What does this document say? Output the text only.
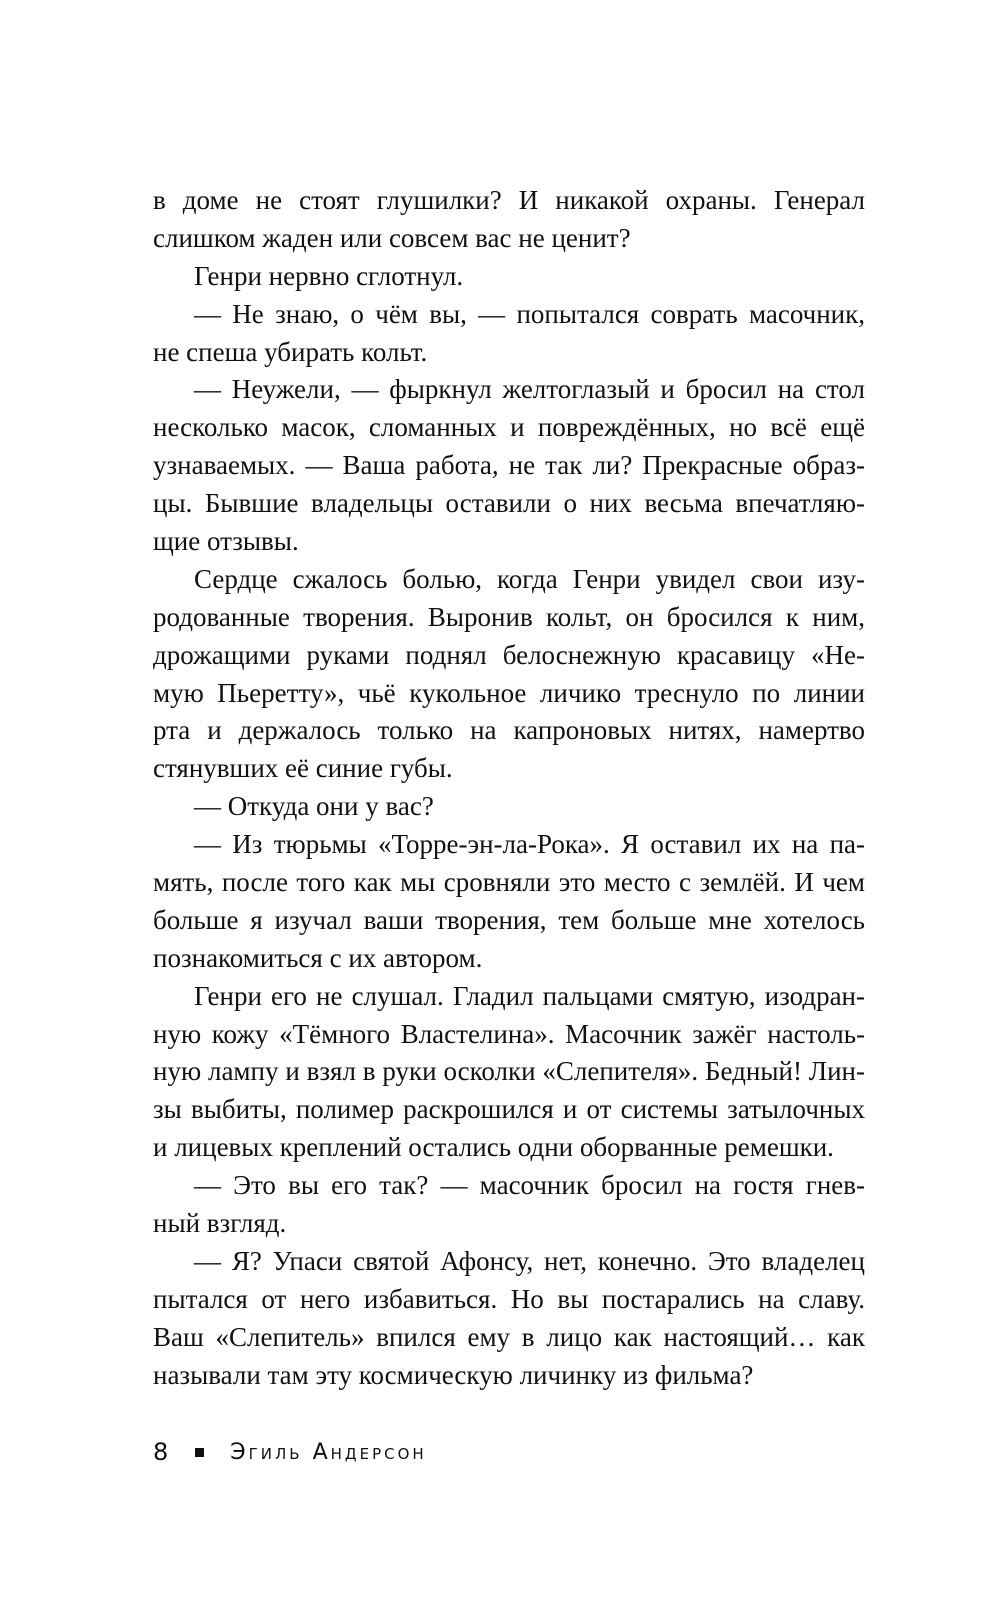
в доме не стоят глушилки? И никакой охраны. Генерал
слишком жаден или совсем вас не ценит?
Генри нервно сглотнул.
— Не знаю, о чём вы, — попытался соврать масочник,
не спеша убирать кольт.
— Неужели, — фыркнул желтоглазый и бросил на стол
несколько масок, сломанных и повреждённых, но всё ещё
узнаваемых. — Ваша работа, не так ли? Прекрасные образ-
цы. Бывшие владельцы оставили о них весьма впечатляю-
щие отзывы.
Сердце сжалось болью, когда Генри увидел свои изу-
родованные творения. Выронив кольт, он бросился к ним,
дрожащими руками поднял белоснежную красавицу «Не-
мую Пьеретту», чьё кукольное личико треснуло по линии
рта и держалось только на капроновых нитях, намертво
стянувших её синие губы.
— Откуда они у вас?
— Из тюрьмы «Торре-эн-ла-Рока». Я оставил их на па-
мять, после того как мы сровняли это место с землёй. И чем
больше я изучал ваши творения, тем больше мне хотелось
познакомиться с их автором.
Генри его не слушал. Гладил пальцами смятую, изодран-
ную кожу «Тёмного Властелина». Масочник зажёг настоль-
ную лампу и взял в руки осколки «Слепителя». Бедный! Лин-
зы выбиты, полимер раскрошился и от системы затылочных
и лицевых креплений остались одни оборванные ремешки.
— Это вы его так? — масочник бросил на гостя гнев-
ный взгляд.
— Я? Упаси святой Афонсу, нет, конечно. Это владелец
пытался от него избавиться. Но вы постарались на славу.
Ваш «Слепитель» впился ему в лицо как настоящий… как
называли там эту космическую личинку из фильма?
8	Эгиль Андерсон
